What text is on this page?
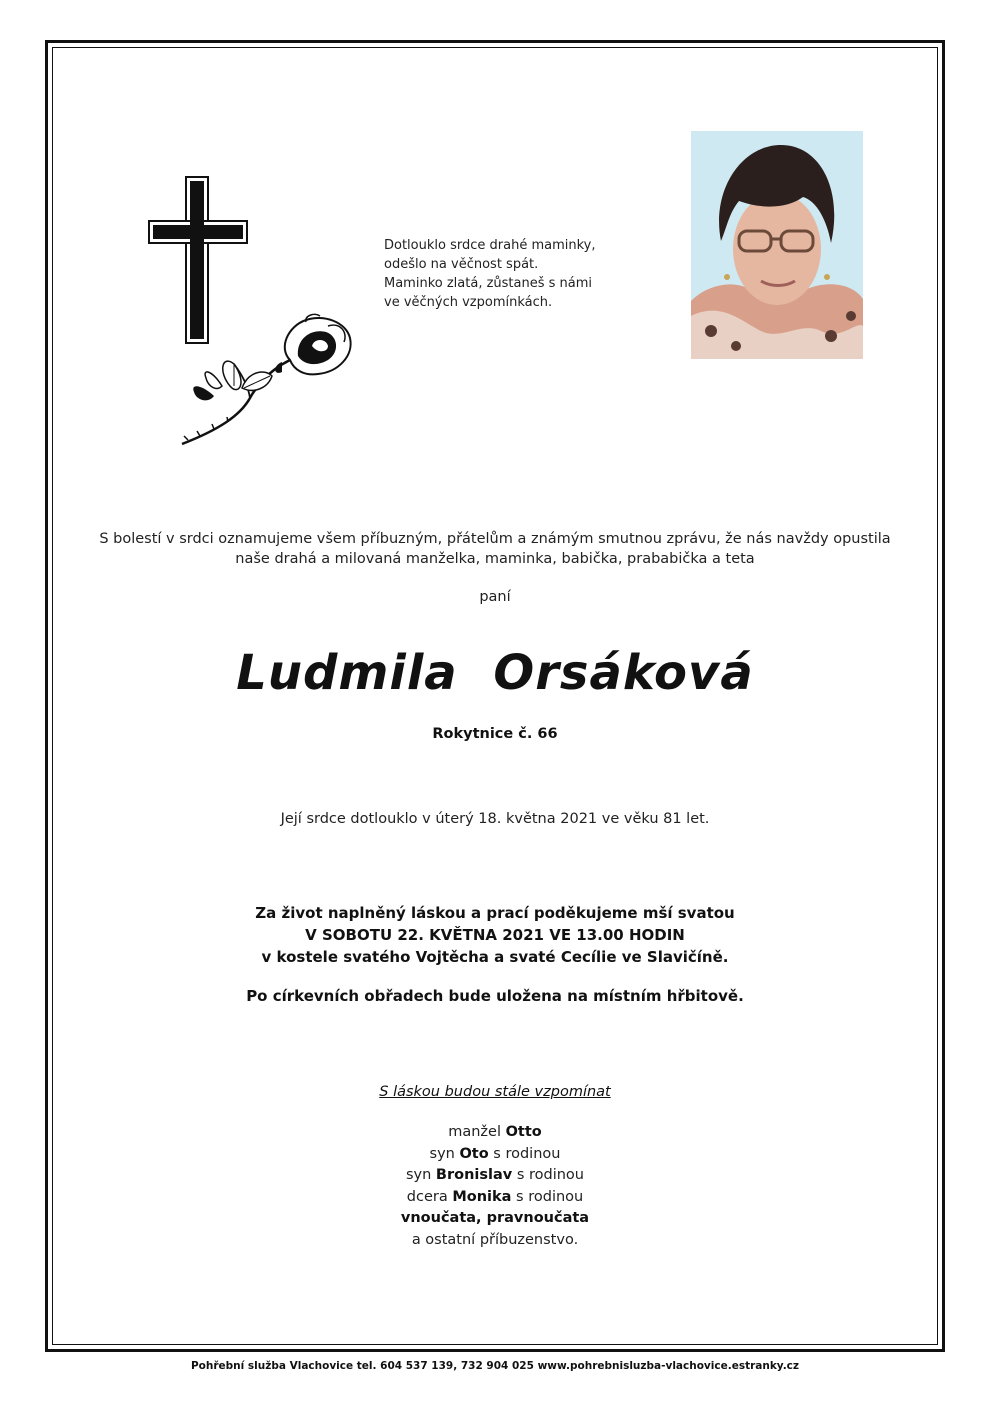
Dotlouklo srdce drahé maminky,
odešlo na věčnost spát.
Maminko zlatá, zůstaneš s námi
ve věčných vzpomínkách.
S bolestí v srdci oznamujeme všem příbuzným, přátelům a známým smutnou zprávu, že nás navždy opustila
naše drahá a milovaná manželka, maminka, babička, prababička a teta
paní
Ludmila Orsáková
Rokytnice č. 66
Její srdce dotlouklo v úterý 18. května 2021 ve věku 81 let.
Za život naplněný láskou a prací poděkujeme mší svatou
V SOBOTU 22. KVĚTNA 2021 VE 13.00 HODIN
v kostele svatého Vojtěcha a svaté Cecílie ve Slavičíně.
Po církevních obřadech bude uložena na místním hřbitově.
S láskou budou stále vzpomínat
manžel Otto
syn Oto s rodinou
syn Bronislav s rodinou
dcera Monika s rodinou
vnoučata, pravnoučata
a ostatní příbuzenstvo.
Pohřební služba Vlachovice tel. 604 537 139, 732 904 025 www.pohrebnisluzba-vlachovice.estranky.cz
